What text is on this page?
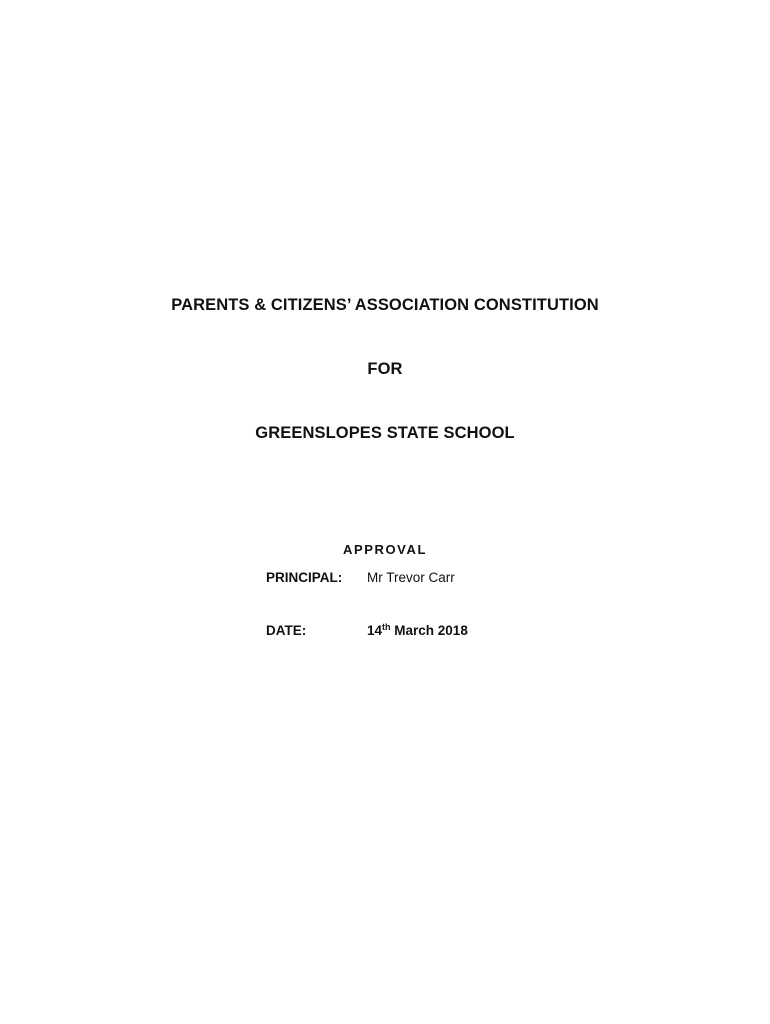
PARENTS & CITIZENS’ ASSOCIATION CONSTITUTION
FOR
GREENSLOPES STATE SCHOOL
APPROVAL
PRINCIPAL: Mr Trevor Carr
DATE:	14th March 2018
